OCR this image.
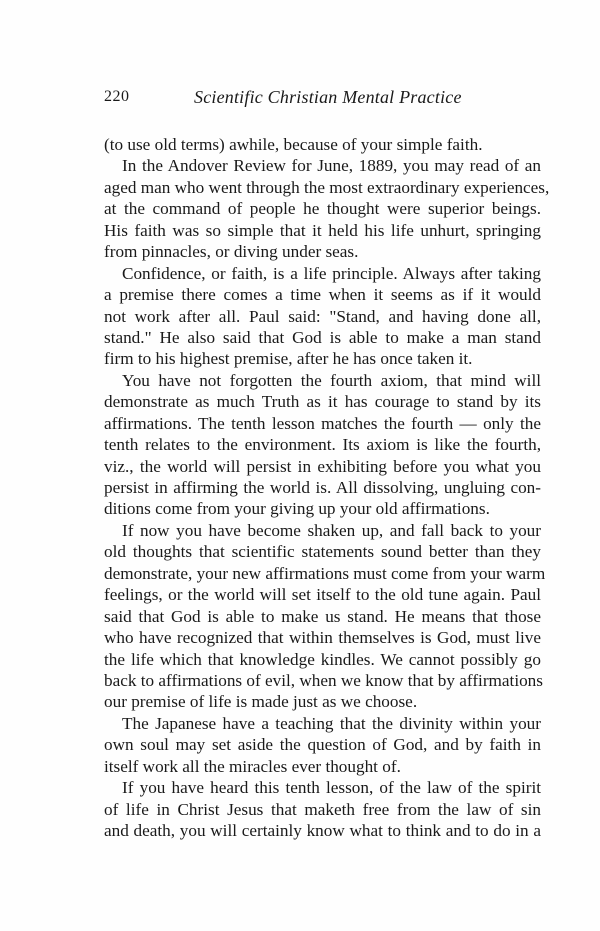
220	Scientific Christian Mental Practice
(to use old terms) awhile, because of your simple faith.
In the Andover Review for June, 1889, you may read of an
aged man who went through the most extraordinary experiences,
at the command of people he thought were superior beings.
His faith was so simple that it held his life unhurt, springing
from pinnacles, or diving under seas.
Confidence, or faith, is a life principle. Always after taking
a premise there comes a time when it seems as if it would
not work after all. Paul said: "Stand, and having done all,
stand." He also said that God is able to make a man stand
firm to his highest premise, after he has once taken it.
You have not forgotten the fourth axiom, that mind will
demonstrate as much Truth as it has courage to stand by its
affirmations. The tenth lesson matches the fourth — only the
tenth relates to the environment. Its axiom is like the fourth,
viz., the world will persist in exhibiting before you what you
persist in affirming the world is. All dissolving, ungluing con-
ditions come from your giving up your old affirmations.
If now you have become shaken up, and fall back to your
old thoughts that scientific statements sound better than they
demonstrate, your new affirmations must come from your warm
feelings, or the world will set itself to the old tune again. Paul
said that God is able to make us stand. He means that those
who have recognized that within themselves is God, must live
the life which that knowledge kindles. We cannot possibly go
back to affirmations of evil, when we know that by affirmations
our premise of life is made just as we choose.
The Japanese have a teaching that the divinity within your
own soul may set aside the question of God, and by faith in
itself work all the miracles ever thought of.
If you have heard this tenth lesson, of the law of the spirit
of life in Christ Jesus that maketh free from the law of sin
and death, you will certainly know what to think and to do in a
